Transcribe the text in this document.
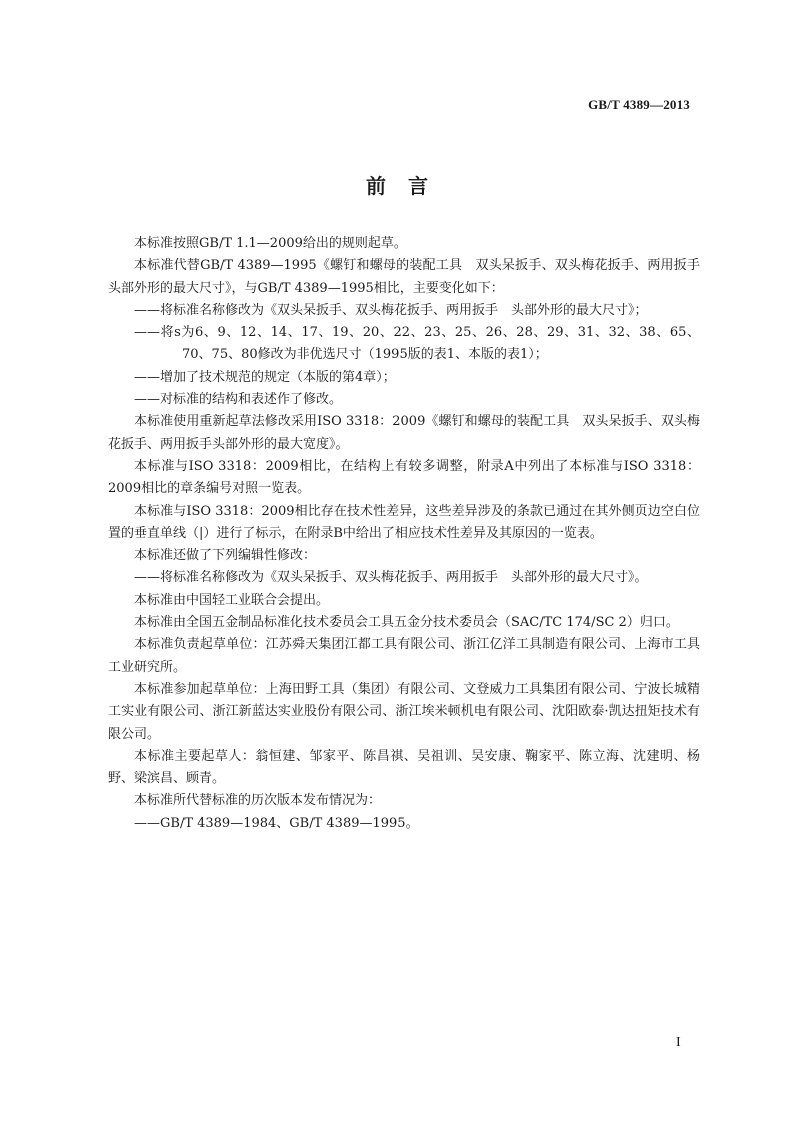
GB/T 4389—2013
前言

本标准按照GB/T 1.1—2009给出的规则起草。

本标准代替GB/T 4389—1995《螺钉和螺母的装配工具　双头呆扳手、双头梅花扳手、两用扳手头部外形的最大尺寸》，与GB/T 4389—1995相比，主要变化如下：

——将标准名称修改为《双头呆扳手、双头梅花扳手、两用扳手　头部外形的最大尺寸》；

——将s为6、9、12、14、17、19、20、22、23、25、26、28、29、31、32、38、65、70、75、80修改为非优选尺寸（1995版的表1、本版的表1）；

——增加了技术规范的规定（本版的第4章）；

——对标准的结构和表述作了修改。

本标准使用重新起草法修改采用ISO 3318：2009《螺钉和螺母的装配工具　双头呆扳手、双头梅花扳手、两用扳手头部外形的最大宽度》。

本标准与ISO 3318：2009相比，在结构上有较多调整，附录A中列出了本标准与ISO 3318：2009相比的章条编号对照一览表。

本标准与ISO 3318：2009相比存在技术性差异，这些差异涉及的条款已通过在其外侧页边空白位置的垂直单线（|）进行了标示，在附录B中给出了相应技术性差异及其原因的一览表。

本标准还做了下列编辑性修改：

——将标准名称修改为《双头呆扳手、双头梅花扳手、两用扳手　头部外形的最大尺寸》。

本标准由中国轻工业联合会提出。

本标准由全国五金制品标准化技术委员会工具五金分技术委员会（SAC/TC 174/SC 2）归口。

本标准负责起草单位：江苏舜天集团江都工具有限公司、浙江亿洋工具制造有限公司、上海市工具工业研究所。

本标准参加起草单位：上海田野工具（集团）有限公司、文登威力工具集团有限公司、宁波长城精工实业有限公司、浙江新蓝达实业股份有限公司、浙江埃米顿机电有限公司、沈阳欧泰·凯达扭矩技术有限公司。

本标准主要起草人：翁恒建、邹家平、陈昌祺、吴祖训、吴安康、鞠家平、陈立海、沈建明、杨野、梁滨昌、顾青。

本标准所代替标准的历次版本发布情况为：

——GB/T 4389—1984、GB/T 4389—1995。

I
